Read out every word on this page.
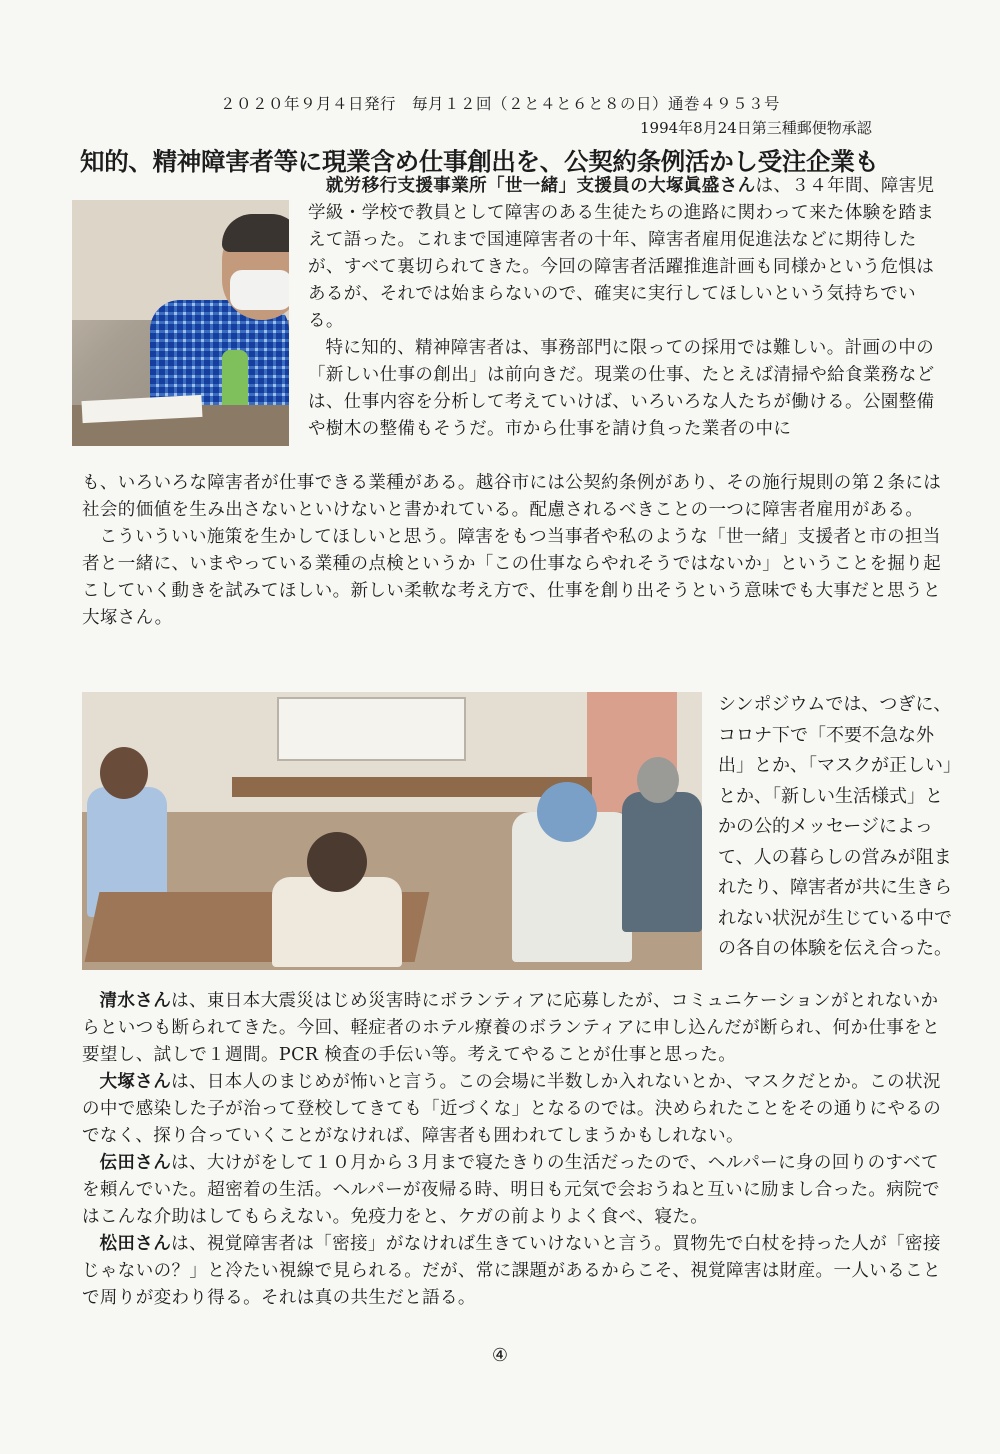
２０２０年９月４日発行　毎月１２回（２と４と６と８の日）通巻４９５３号
1994年8月24日第三種郵便物承認
知的、精神障害者等に現業含め仕事創出を、公契約条例活かし受注企業も

　就労移行支援事業所「世一緒」支援員の大塚眞盛さんは、３４年間、障害児学級・学校で教員として障害のある生徒たちの進路に関わって来た体験を踏まえて語った。これまで国連障害者の十年、障害者雇用促進法などに期待したが、すべて裏切られてきた。今回の障害者活躍推進計画も同様かという危惧はあるが、それでは始まらないので、確実に実行してほしいという気持ちでいる。

特に知的、精神障害者は、事務部門に限っての採用では難しい。計画の中の「新しい仕事の創出」は前向きだ。現業の仕事、たとえば清掃や給食業務などは、仕事内容を分析して考えていけば、いろいろな人たちが働ける。公園整備や樹木の整備もそうだ。市から仕事を請け負った業者の中に

も、いろいろな障害者が仕事できる業種がある。越谷市には公契約条例があり、その施行規則の第２条には社会的価値を生み出さないといけないと書かれている。配慮されるべきことの一つに障害者雇用がある。

こういういい施策を生かしてほしいと思う。障害をもつ当事者や私のような「世一緒」支援者と市の担当者と一緒に、いまやっている業種の点検というか「この仕事ならやれそうではないか」ということを掘り起こしていく動きを試みてほしい。新しい柔軟な考え方で、仕事を創り出そうという意味でも大事だと思うと大塚さん。

シンポジウムでは、つぎに、コロナ下で「不要不急な外出」とか、「マスクが正しい」とか、「新しい生活様式」とかの公的メッセージによって、人の暮らしの営みが阻まれたり、障害者が共に生きられない状況が生じている中での各自の体験を伝え合った。

清水さんは、東日本大震災はじめ災害時にボランティアに応募したが、コミュニケーションがとれないからといつも断られてきた。今回、軽症者のホテル療養のボランティアに申し込んだが断られ、何か仕事をと要望し、試しで１週間。PCR 検査の手伝い等。考えてやることが仕事と思った。

大塚さんは、日本人のまじめが怖いと言う。この会場に半数しか入れないとか、マスクだとか。この状況の中で感染した子が治って登校してきても「近づくな」となるのでは。決められたことをその通りにやるのでなく、探り合っていくことがなければ、障害者も囲われてしまうかもしれない。

伝田さんは、大けがをして１０月から３月まで寝たきりの生活だったので、ヘルパーに身の回りのすべてを頼んでいた。超密着の生活。ヘルパーが夜帰る時、明日も元気で会おうねと互いに励まし合った。病院ではこんな介助はしてもらえない。免疫力をと、ケガの前よりよく食べ、寝た。

松田さんは、視覚障害者は「密接」がなければ生きていけないと言う。買物先で白杖を持った人が「密接じゃないの？」と冷たい視線で見られる。だが、常に課題があるからこそ、視覚障害は財産。一人いることで周りが変わり得る。それは真の共生だと語る。

④
